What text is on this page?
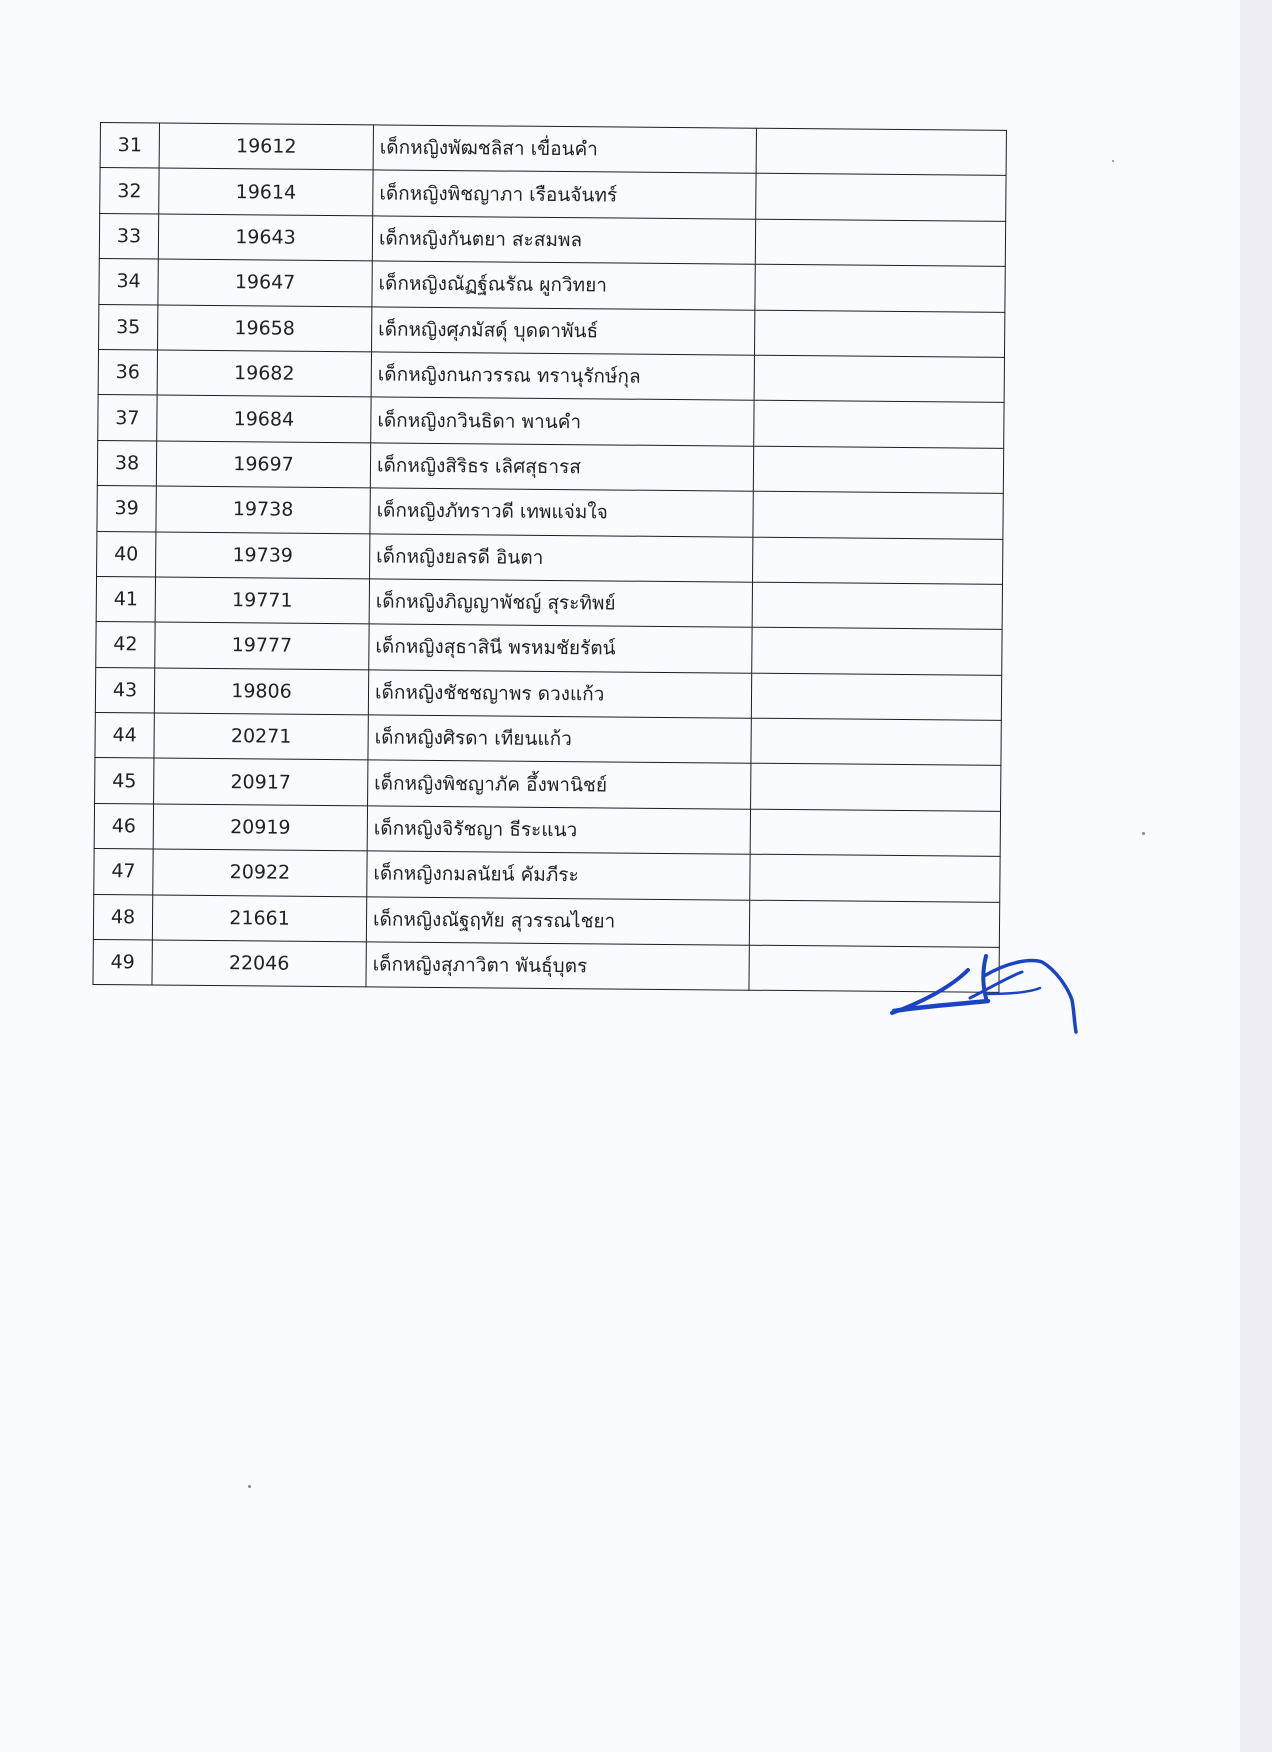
31	19612	เด็กหญิงพัฒชลิสา เขื่อนคำ	
32	19614	เด็กหญิงพิชญาภา เรือนจันทร์	
33	19643	เด็กหญิงกันตยา สะสมพล	
34	19647	เด็กหญิงณัฏฐ์ณรัณ ผูกวิทยา	
35	19658	เด็กหญิงศุภมัสดุ์ บุดดาพันธ์	
36	19682	เด็กหญิงกนกวรรณ ทรานุรักษ์กุล	
37	19684	เด็กหญิงกวินธิดา พานคำ	
38	19697	เด็กหญิงสิริธร เลิศสุธารส	
39	19738	เด็กหญิงภัทราวดี เทพแจ่มใจ	
40	19739	เด็กหญิงยลรดี อินตา	
41	19771	เด็กหญิงภิญญาพัชญ์ สุระทิพย์	
42	19777	เด็กหญิงสุธาสินี พรหมชัยรัตน์	
43	19806	เด็กหญิงชัชชญาพร ดวงแก้ว	
44	20271	เด็กหญิงศิรดา เทียนแก้ว	
45	20917	เด็กหญิงพิชญาภัค อึ้งพานิชย์	
46	20919	เด็กหญิงจิรัชญา ธีระแนว	
47	20922	เด็กหญิงกมลนัยน์ คัมภีระ	
48	21661	เด็กหญิงณัฐฤทัย สุวรรณไชยา	
49	22046	เด็กหญิงสุภาวิตา พันธุ์บุตร	
